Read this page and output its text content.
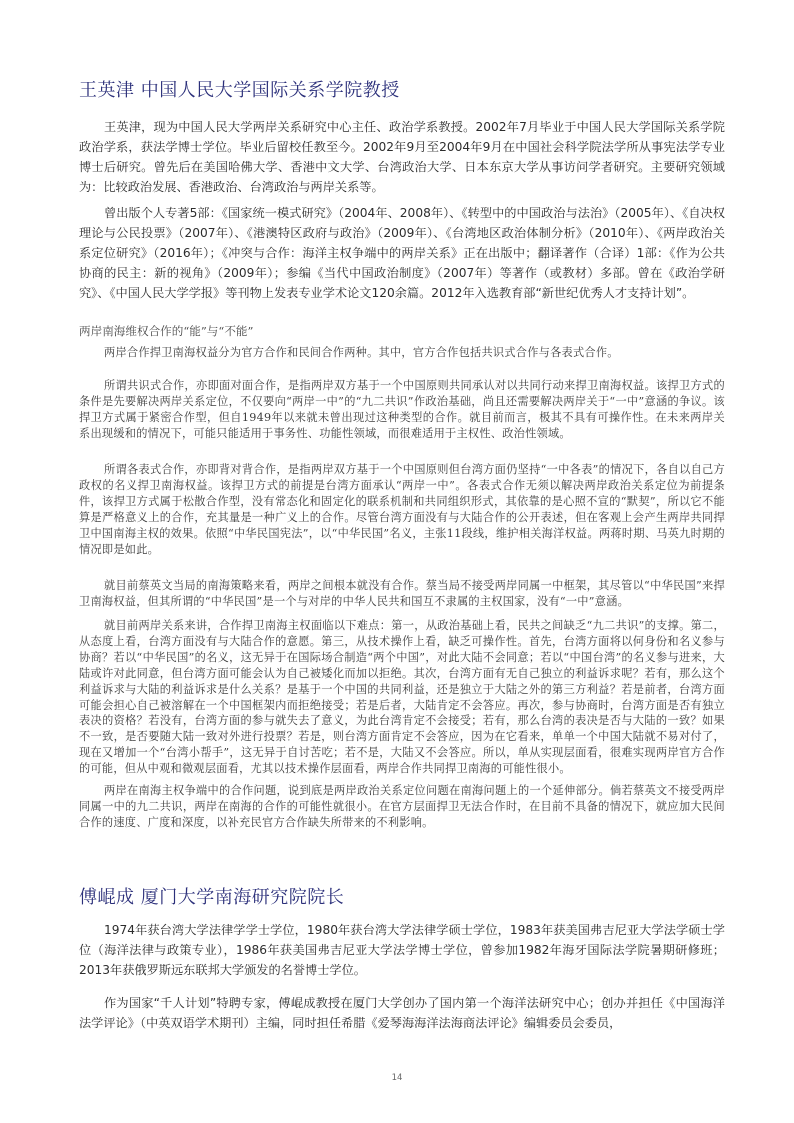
王英津 中国人民大学国际关系学院教授
王英津，现为中国人民大学两岸关系研究中心主任、政治学系教授。2002年7月毕业于中国人民大学国际关系学院政治学系，获法学博士学位。毕业后留校任教至今。2002年9月至2004年9月在中国社会科学院法学所从事宪法学专业博士后研究。曾先后在美国哈佛大学、香港中文大学、台湾政治大学、日本东京大学从事访问学者研究。主要研究领域为：比较政治发展、香港政治、台湾政治与两岸关系等。
曾出版个人专著5部：《国家统一模式研究》（2004年、2008年）、《转型中的中国政治与法治》（2005年）、《自决权理论与公民投票》（2007年）、《港澳特区政府与政治》（2009年）、《台湾地区政治体制分析》（2010年）、《两岸政治关系定位研究》（2016年）；《冲突与合作：海洋主权争端中的两岸关系》正在出版中；翻译著作（合译）1部：《作为公共协商的民主：新的视角》（2009年）；参编《当代中国政治制度》（2007年）等著作（或教材）多部。曾在《政治学研究》、《中国人民大学学报》等刊物上发表专业学术论文120余篇。2012年入选教育部“新世纪优秀人才支持计划”。
两岸南海维权合作的“能”与“不能”
两岸合作捍卫南海权益分为官方合作和民间合作两种。其中，官方合作包括共识式合作与各表式合作。
所谓共识式合作，亦即面对面合作，是指两岸双方基于一个中国原则共同承认对以共同行动来捍卫南海权益。该捍卫方式的条件是先要解决两岸关系定位，不仅要向“两岸一中”的“九二共识”作政治基础，尚且还需要解决两岸关于“一中”意涵的争议。该捍卫方式属于紧密合作型，但自1949年以来就未曾出现过这种类型的合作。就目前而言，极其不具有可操作性。在未来两岸关系出现缓和的情况下，可能只能适用于事务性、功能性领域，而很难适用于主权性、政治性领域。
所谓各表式合作，亦即背对背合作，是指两岸双方基于一个中国原则但台湾方面仍坚持“一中各表”的情况下，各自以自己方政权的名义捍卫南海权益。该捍卫方式的前提是台湾方面承认“两岸一中”。各表式合作无须以解决两岸政治关系定位为前提条件，该捍卫方式属于松散合作型，没有常态化和固定化的联系机制和共同组织形式，其依靠的是心照不宣的“默契”，所以它不能算是严格意义上的合作，充其量是一种广义上的合作。尽管台湾方面没有与大陆合作的公开表述，但在客观上会产生两岸共同捍卫中国南海主权的效果。依照“中华民国宪法”，以“中华民国”名义，主张11段线，维护相关海洋权益。两蒋时期、马英九时期的情况即是如此。
就目前蔡英文当局的南海策略来看，两岸之间根本就没有合作。蔡当局不接受两岸同属一中框架，其尽管以“中华民国”来捍卫南海权益，但其所谓的“中华民国”是一个与对岸的中华人民共和国互不隶属的主权国家，没有“一中”意涵。
就目前两岸关系来讲，合作捍卫南海主权面临以下难点：第一，从政治基础上看，民共之间缺乏“九二共识”的支撑。第二，从态度上看，台湾方面没有与大陆合作的意愿。第三，从技术操作上看，缺乏可操作性。首先，台湾方面将以何身份和名义参与协商？若以“中华民国”的名义，这无异于在国际场合制造“两个中国”，对此大陆不会同意；若以“中国台湾”的名义参与进来，大陆或许对此同意，但台湾方面可能会认为自己被矮化而加以拒绝。其次，台湾方面有无自己独立的利益诉求呢？若有，那么这个利益诉求与大陆的利益诉求是什么关系？是基于一个中国的共同利益，还是独立于大陆之外的第三方利益？若是前者，台湾方面可能会担心自己被溶解在一个中国框架内而拒绝接受；若是后者，大陆肯定不会答应。再次，参与协商时，台湾方面是否有独立表决的资格？若没有，台湾方面的参与就失去了意义，为此台湾肯定不会接受；若有，那么台湾的表决是否与大陆的一致？如果不一致，是否要随大陆一致对外进行投票？若是，则台湾方面肯定不会答应，因为在它看来，单单一个中国大陆就不易对付了，现在又增加一个“台湾小帮手”，这无异于自讨苦吃；若不是，大陆又不会答应。所以，单从实现层面看，很难实现两岸官方合作的可能，但从中观和微观层面看，尤其以技术操作层面看，两岸合作共同捍卫南海的可能性很小。
两岸在南海主权争端中的合作问题，说到底是两岸政治关系定位问题在南海问题上的一个延伸部分。倘若蔡英文不接受两岸同属一中的九二共识，两岸在南海的合作的可能性就很小。在官方层面捍卫无法合作时，在目前不具备的情况下，就应加大民间合作的速度、广度和深度，以补充民官方合作缺失所带来的不利影响。
傅崐成 厦门大学南海研究院院长
1974年获台湾大学法律学学士学位，1980年获台湾大学法律学硕士学位，1983年获美国弗吉尼亚大学法学硕士学位（海洋法律与政策专业），1986年获美国弗吉尼亚大学法学博士学位，曾参加1982年海牙国际法学院暑期研修班；2013年获俄罗斯远东联邦大学颁发的名誉博士学位。
作为国家“千人计划”特聘专家，傅崐成教授在厦门大学创办了国内第一个海洋法研究中心；创办并担任《中国海洋法学评论》（中英双语学术期刊）主编，同时担任希腊《爱琴海海洋法海商法评论》编辑委员会委员，
14
